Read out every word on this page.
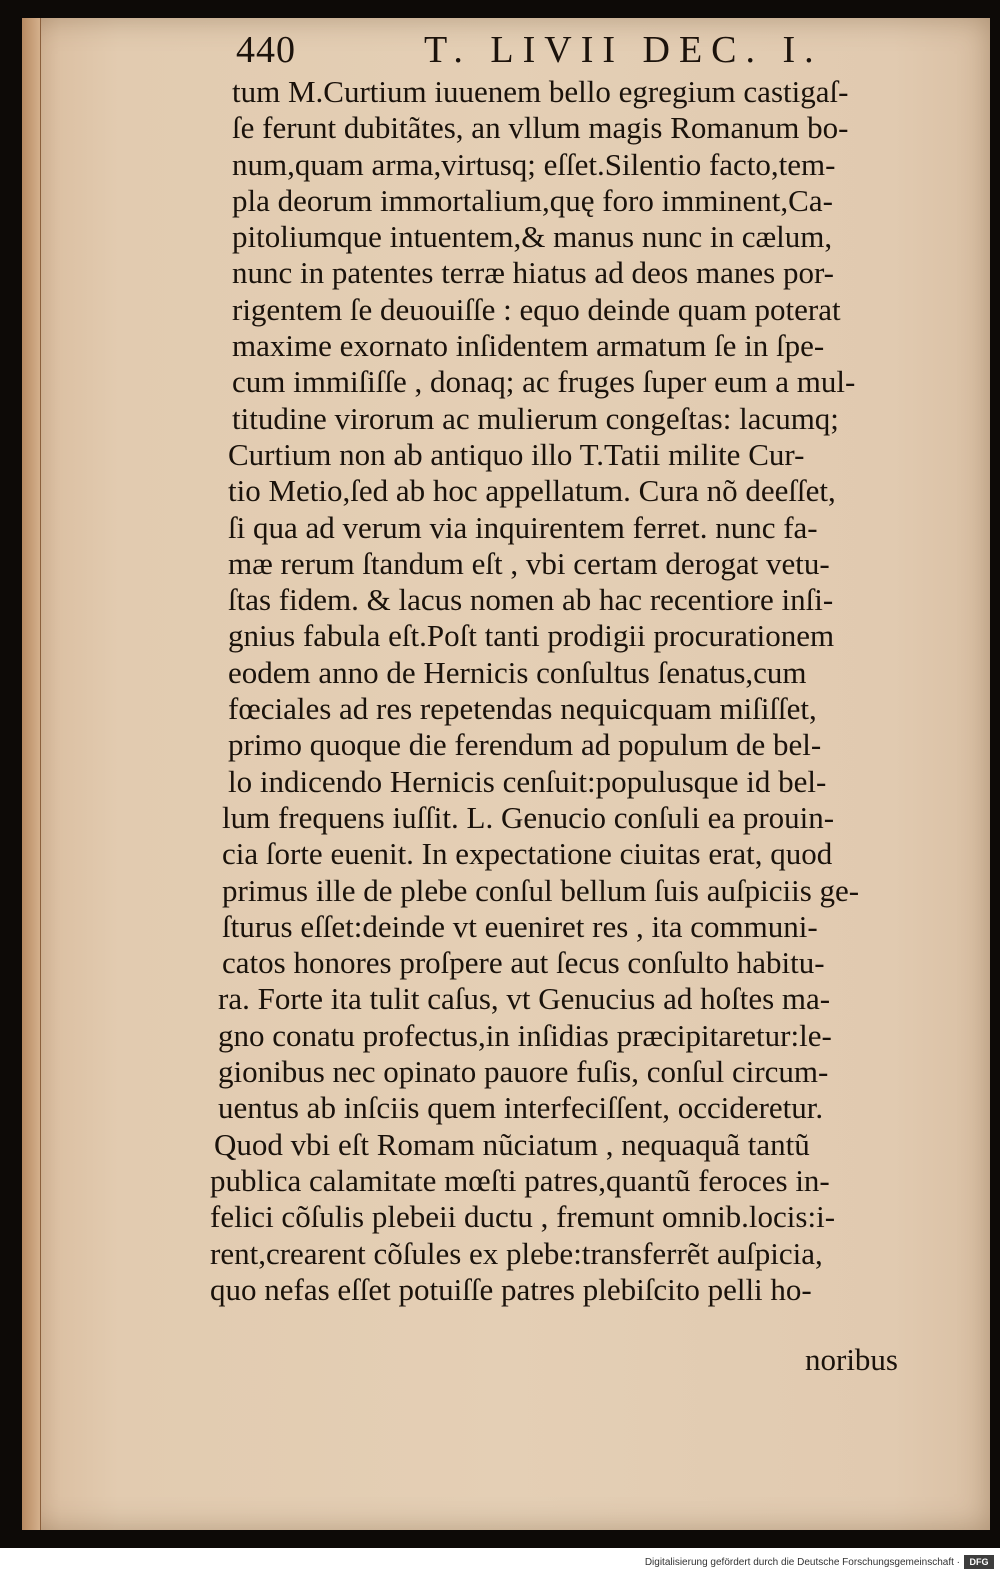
440	T. LIVII DEC. I.
tum M.Curtium iuuenem bello egregium castigaſ-
ſe ferunt dubitãtes, an vllum magis Romanum bo-
num,quam arma,virtusq; eſſet.Silentio facto,tem-
pla deorum immortalium,quę foro imminent,Ca-
pitoliumque intuentem,& manus nunc in cælum,
nunc in patentes terræ hiatus ad deos manes por-
rigentem ſe deuouiſſe : equo deinde quam poterat
maxime exornato inſidentem armatum ſe in ſpe-
cum immiſiſſe , donaq; ac fruges ſuper eum a mul-
titudine virorum ac mulierum congeſtas: lacumq;
Curtium non ab antiquo illo T.Tatii milite Cur-
tio Metio,ſed ab hoc appellatum. Cura nõ deeſſet,
ſi qua ad verum via inquirentem ferret. nunc fa-
mæ rerum ſtandum eſt , vbi certam derogat vetu-
ſtas fidem. & lacus nomen ab hac recentiore inſi-
gnius fabula eſt.Poſt tanti prodigii procurationem
eodem anno de Hernicis conſultus ſenatus,cum
fœciales ad res repetendas nequicquam miſiſſet,
primo quoque die ferendum ad populum de bel-
lo indicendo Hernicis cenſuit:populusque id bel-
lum frequens iuſſit. L. Genucio conſuli ea prouin-
cia ſorte euenit. In expectatione ciuitas erat, quod
primus ille de plebe conſul bellum ſuis auſpiciis ge-
ſturus eſſet:deinde vt eueniret res , ita communi-
catos honores proſpere aut ſecus conſulto habitu-
ra. Forte ita tulit caſus, vt Genucius ad hoſtes ma-
gno conatu profectus,in inſidias præcipitaretur:le-
gionibus nec opinato pauore fuſis, conſul circum-
uentus ab inſciis quem interfeciſſent, occideretur.
Quod vbi eſt Romam nũciatum , nequaquã tantũ
publica calamitate mœſti patres,quantũ feroces in-
felici cõſulis plebeii ductu , fremunt omnib.locis:i-
rent,crearent cõſules ex plebe:transferrẽt auſpicia,
quo nefas eſſet potuiſſe patres plebiſcito pelli ho-
noribus
Digitalisierung gefördert durch die Deutsche Forschungsgemeinschaft ·	DFG
